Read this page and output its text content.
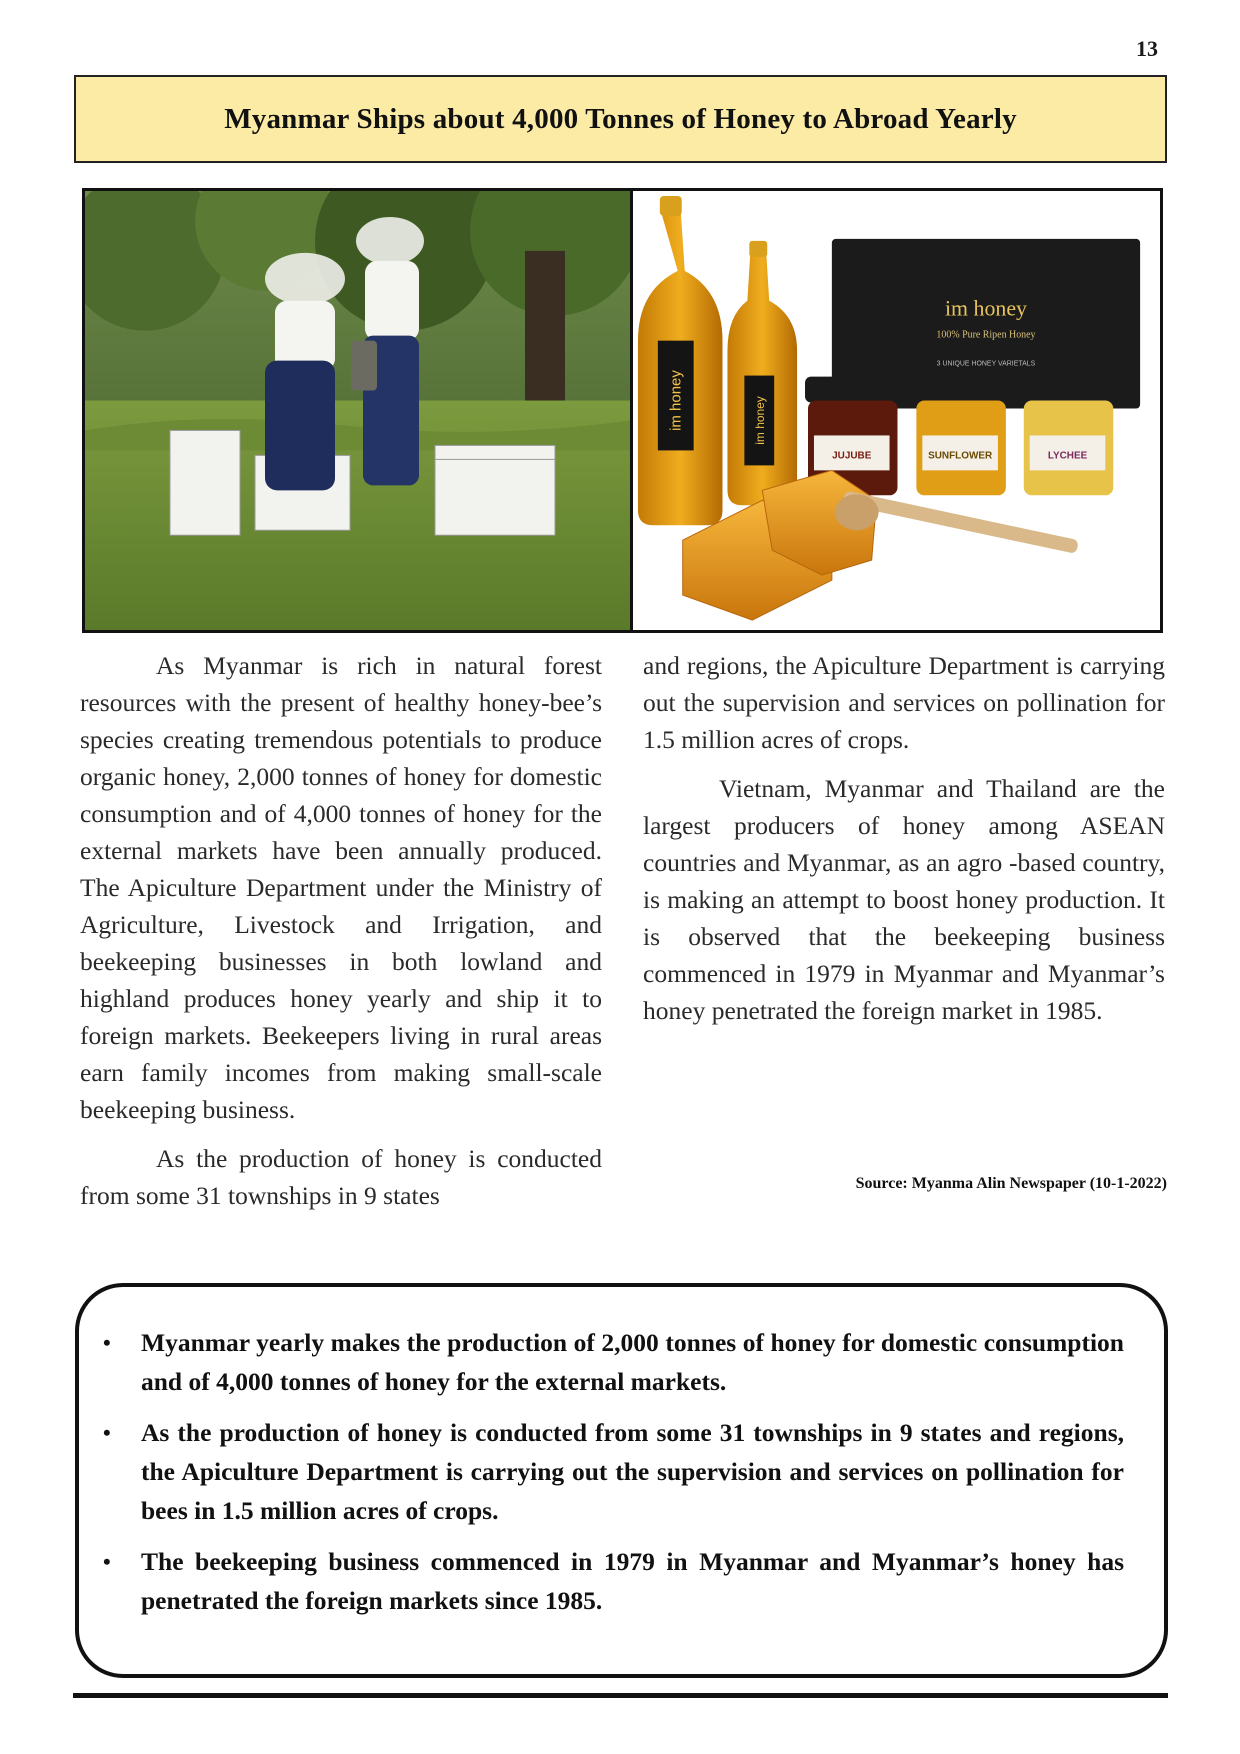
13
Myanmar Ships about 4,000 Tonnes of Honey to Abroad Yearly
im honey
100% Pure Ripen Honey
3 UNIQUE HONEY VARIETALS
im honey	im honey
JUJUBE	SUNFLOWER	LYCHEE

As Myanmar is rich in natural forest resources with the present of healthy honey-bee’s species creating tremendous potentials to produce organic honey, 2,000 tonnes of honey for domestic consumption and of 4,000 tonnes of honey for the external markets have been annually produced. The Apiculture Department under the Ministry of Agriculture, Livestock and Irrigation, and beekeeping businesses in both lowland and highland produces honey yearly and ship it to foreign markets. Beekeepers living in rural areas earn family incomes from making small-scale beekeeping business.

As the production of honey is conducted from some 31 townships in 9 states

and regions, the Apiculture Department is carrying out the supervision and services on pollination for 1.5 million acres of crops.

Vietnam, Myanmar and Thailand are the largest producers of honey among ASEAN countries and Myanmar, as an agro -based country, is making an attempt to boost honey production. It is observed that the beekeeping business commenced in 1979 in Myanmar and Myanmar’s honey penetrated the foreign market in 1985.

Source: Myanma Alin Newspaper (10-1-2022)
• Myanmar yearly makes the production of 2,000 tonnes of honey for domestic consumption and of 4,000 tonnes of honey for the external markets.
• As the production of honey is conducted from some 31 townships in 9 states and regions, the Apiculture Department is carrying out the supervision and services on pollination for bees in 1.5 million acres of crops.
• The beekeeping business commenced in 1979 in Myanmar and Myanmar’s honey has penetrated the foreign markets since 1985.
